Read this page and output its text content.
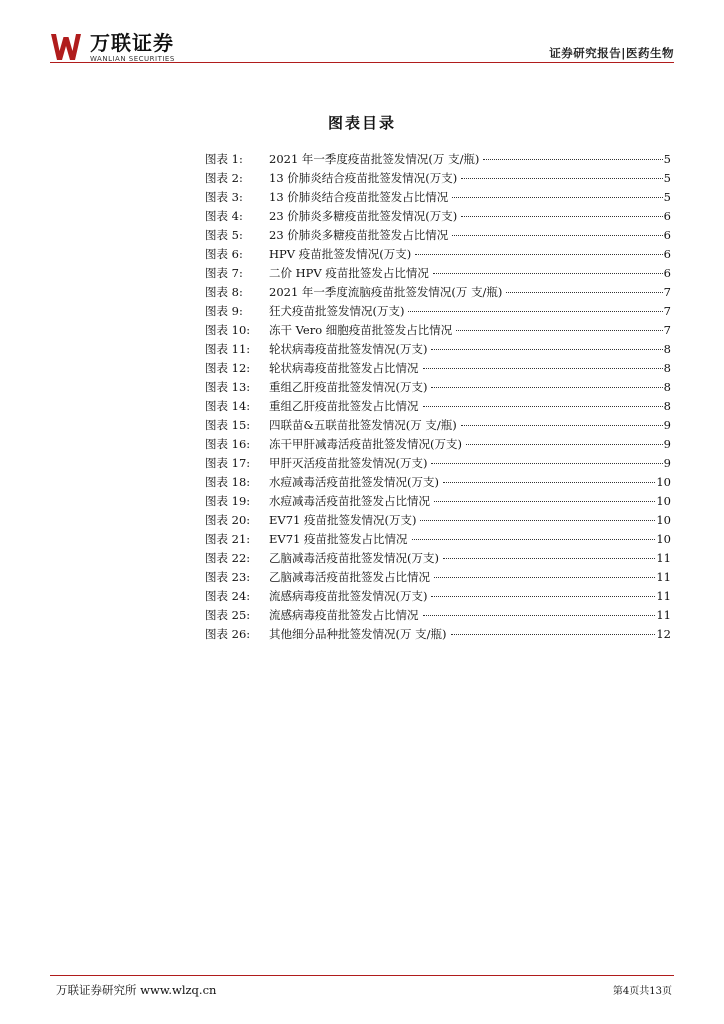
万联证券
WANLIAN SECURITIES	证券研究报告|医药生物
图表目录
图表 1:	2021 年一季度疫苗批签发情况(万 支/瓶)	5
图表 2:	13 价肺炎结合疫苗批签发情况(万支)	5
图表 3:	13 价肺炎结合疫苗批签发占比情况	5
图表 4:	23 价肺炎多糖疫苗批签发情况(万支)	6
图表 5:	23 价肺炎多糖疫苗批签发占比情况	6
图表 6:	HPV 疫苗批签发情况(万支)	6
图表 7:	二价 HPV 疫苗批签发占比情况	6
图表 8:	2021 年一季度流脑疫苗批签发情况(万 支/瓶)	7
图表 9:	狂犬疫苗批签发情况(万支)	7
图表 10:	冻干 Vero 细胞疫苗批签发占比情况	7
图表 11:	轮状病毒疫苗批签发情况(万支)	8
图表 12:	轮状病毒疫苗批签发占比情况	8
图表 13:	重组乙肝疫苗批签发情况(万支)	8
图表 14:	重组乙肝疫苗批签发占比情况	8
图表 15:	四联苗&五联苗批签发情况(万 支/瓶)	9
图表 16:	冻干甲肝减毒活疫苗批签发情况(万支)	9
图表 17:	甲肝灭活疫苗批签发情况(万支)	9
图表 18:	水痘减毒活疫苗批签发情况(万支)	10
图表 19:	水痘减毒活疫苗批签发占比情况	10
图表 20:	EV71 疫苗批签发情况(万支)	10
图表 21:	EV71 疫苗批签发占比情况	10
图表 22:	乙脑减毒活疫苗批签发情况(万支)	11
图表 23:	乙脑减毒活疫苗批签发占比情况	11
图表 24:	流感病毒疫苗批签发情况(万支)	11
图表 25:	流感病毒疫苗批签发占比情况	11
图表 26:	其他细分品种批签发情况(万 支/瓶)	12
万联证券研究所 www.wlzq.cn	第4页共13页
